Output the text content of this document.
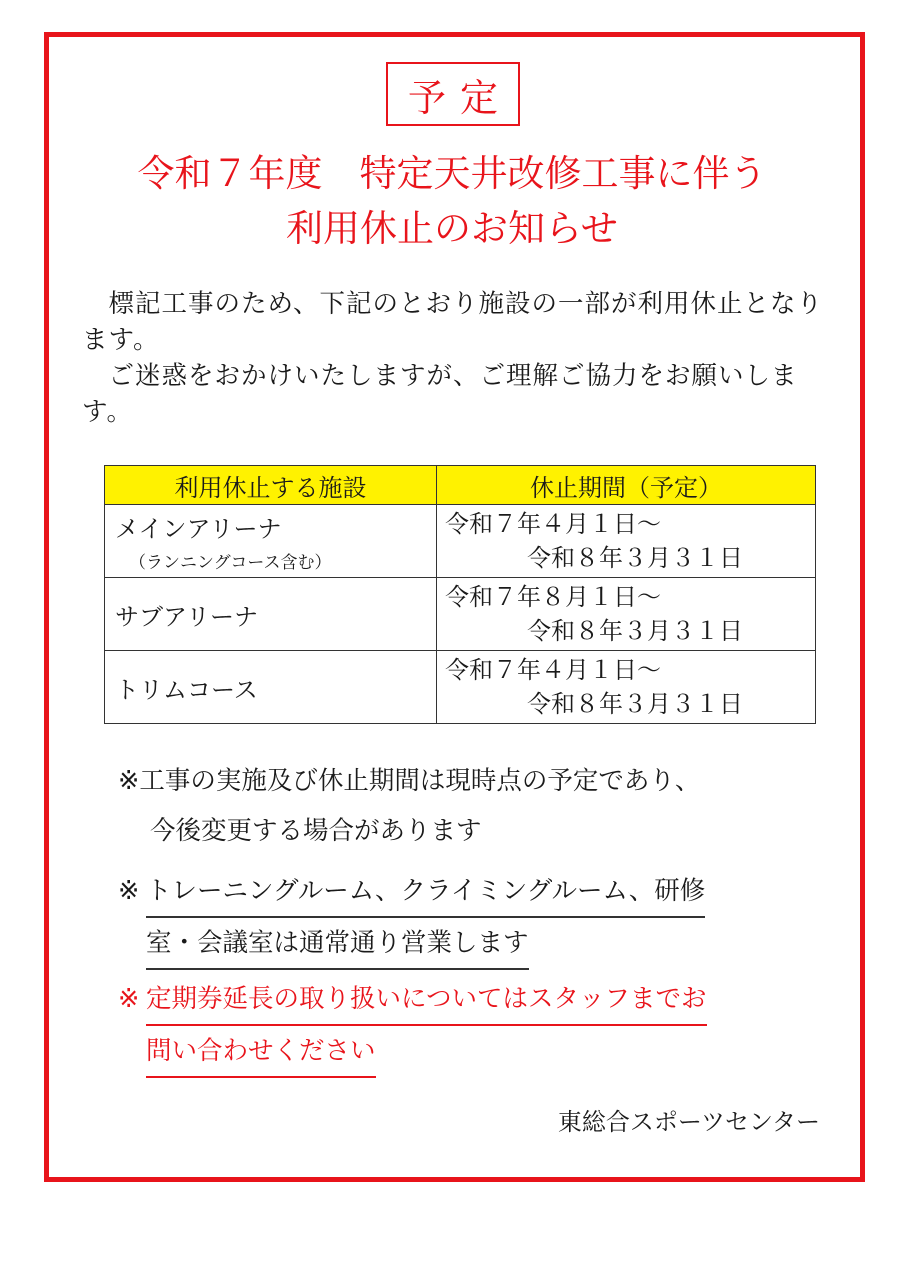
予定
令和７年度　特定天井改修工事に伴う
利用休止のお知らせ

　標記工事のため、下記のとおり施設の一部が利用休止となります。

　ご迷惑をおかけいたしますが、ご理解ご協力をお願いします。

利用休止する施設	休止期間（予定）
メインアリーナ
（ランニングコース含む）	令和７年４月１日～
令和８年３月３１日

サブアリーナ	令和７年８月１日～
令和８年３月３１日

トリムコース	令和７年４月１日～
令和８年３月３１日
※工事の実施及び休止期間は現時点の予定であり、
今後変更する場合があります
※ トレーニングルーム、クライミングルーム、研修
室・会議室は通常通り営業します
※ 定期券延長の取り扱いについてはスタッフまでお
問い合わせください
東総合スポーツセンター
